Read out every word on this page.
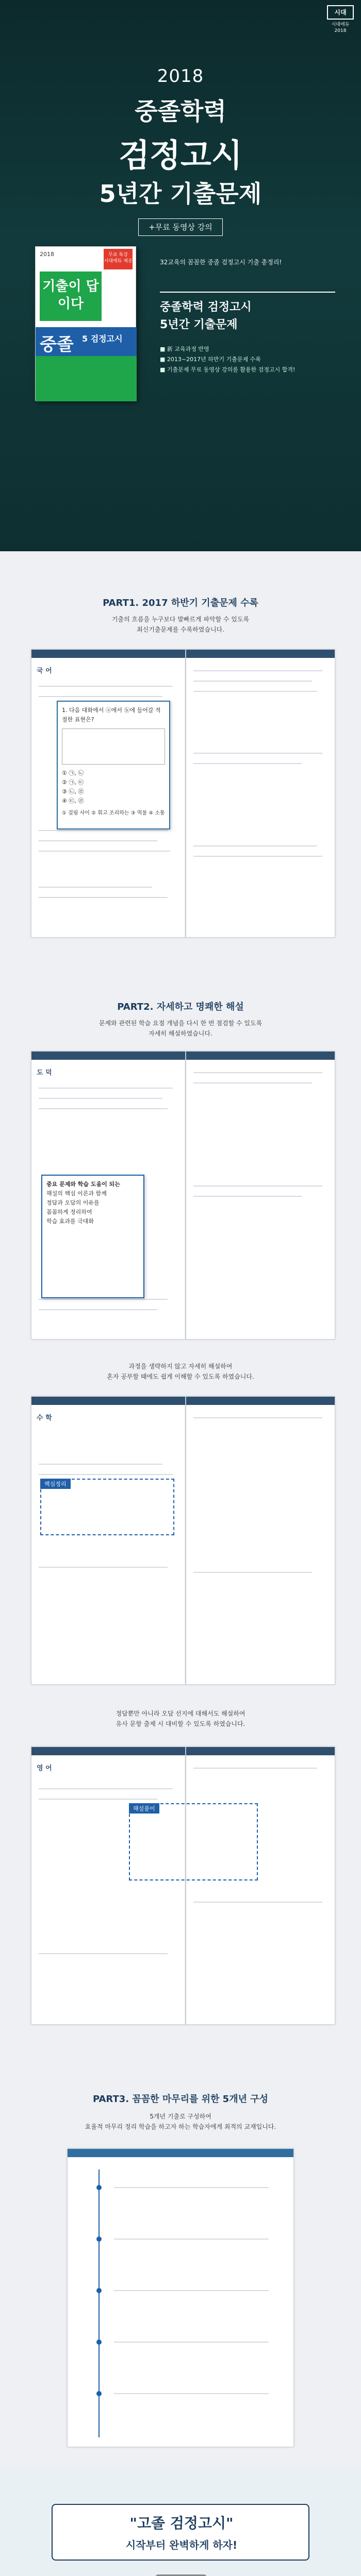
시대
시대에듀
2018
2018
중졸학력
검정고시
5년간 기출문제
+무료 동영상 강의
2018	무료 특강
시대에듀 제공
기출이 답이다
중졸 5 검정고시
32교육의 꼼꼼한 중졸 검정고시 기출 총정리!
중졸학력 검정고시
5년간 기출문제
■ 新 교육과정 반영
■ 2013~2017년 하반기 기출문제 수록
■ 기출문제 무료 동영상 강의를 활용한 검정고시 합격!
PART1. 2017 하반기 기출문제 수록
기출의 흐름을 누구보다 발빠르게 파악할 수 있도록
최신기출문제를 수록하였습니다.
국 어
1. 다음 대화에서 ⓐ에서 ⓑ에 들어갈 적절한 표현은?
① ㉠, ㉡
② ㉠, ㉢
③ ㉡, ㉣
④ ㉢, ㉣
① 걸림 사이 ② 휘고 조리하는 ③ 먹물 ④ 소통
PART2. 자세하고 명쾌한 해설
문제와 관련된 학습 요점 개념을 다시 한 번 점검할 수 있도록
자세히 해설하였습니다.
도 덕
중요 문제와 학습 도움이 되는
해설의 핵심 이론과 함께
정답과 오답의 이유를
꼼꼼하게 정리하여
학습 효과를 극대화
과정을 생략하지 않고 자세히 해설하여
혼자 공부할 때에도 쉽게 이해할 수 있도록 하였습니다.
수 학
핵심정리
정답뿐만 아니라 오답 선지에 대해서도 해설하여
유사 문항 출제 시 대비할 수 있도록 하였습니다.
영 어
해설풀이
PART3. 꼼꼼한 마무리를 위한 5개년 구성
5개년 기출로 구성하여
효율적 마무리 정리 학습을 하고자 하는 학습자에게 최적의 교재입니다.
"고졸 검정고시"
시작부터 완벽하게 하자!
